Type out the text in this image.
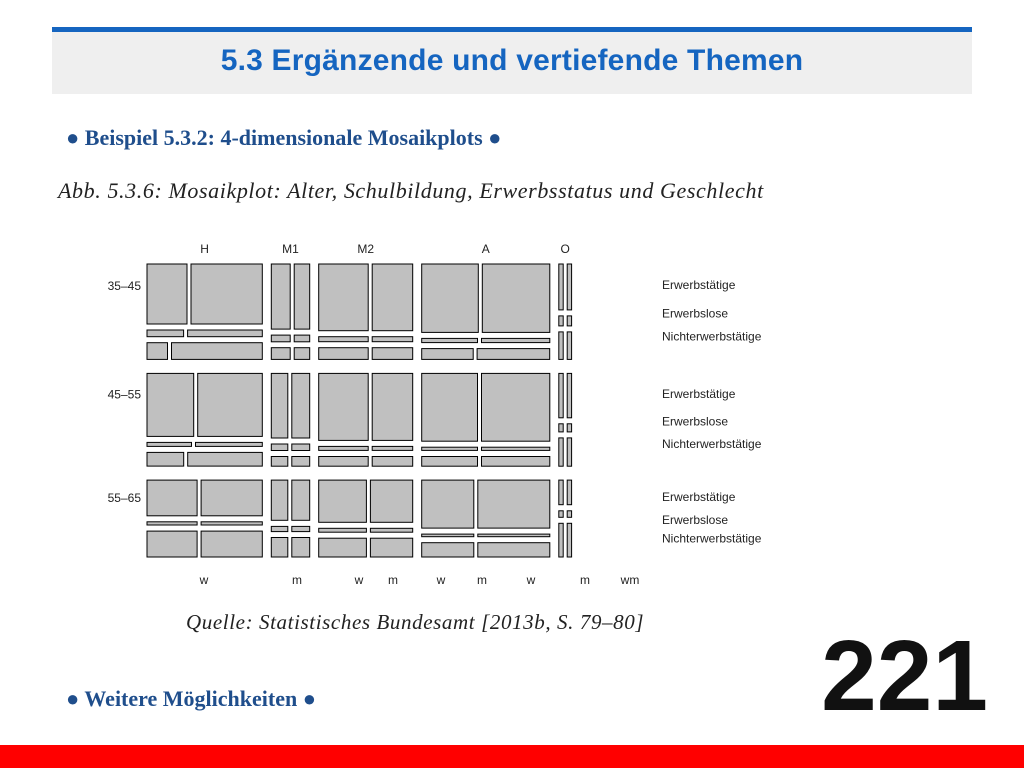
5.3 Ergänzende und vertiefende Themen
● Beispiel 5.3.2: 4-dimensionale Mosaikplots ●
Abb. 5.3.6: Mosaikplot: Alter, Schulbildung, Erwerbsstatus und Geschlecht
H	M1	M2	A	O
35–45
45–55
55–65
Erwerbstätige
Erwerbslose
Nichterwerbstätige
Erwerbstätige
Erwerbslose
Nichterwerbstätige
Erwerbstätige
Erwerbslose
Nichterwerbstätige
w	m	w m	w	m	w	m	wm
Quelle: Statistisches Bundesamt [2013b, S. 79–80]
● Weitere Möglichkeiten ●	221
